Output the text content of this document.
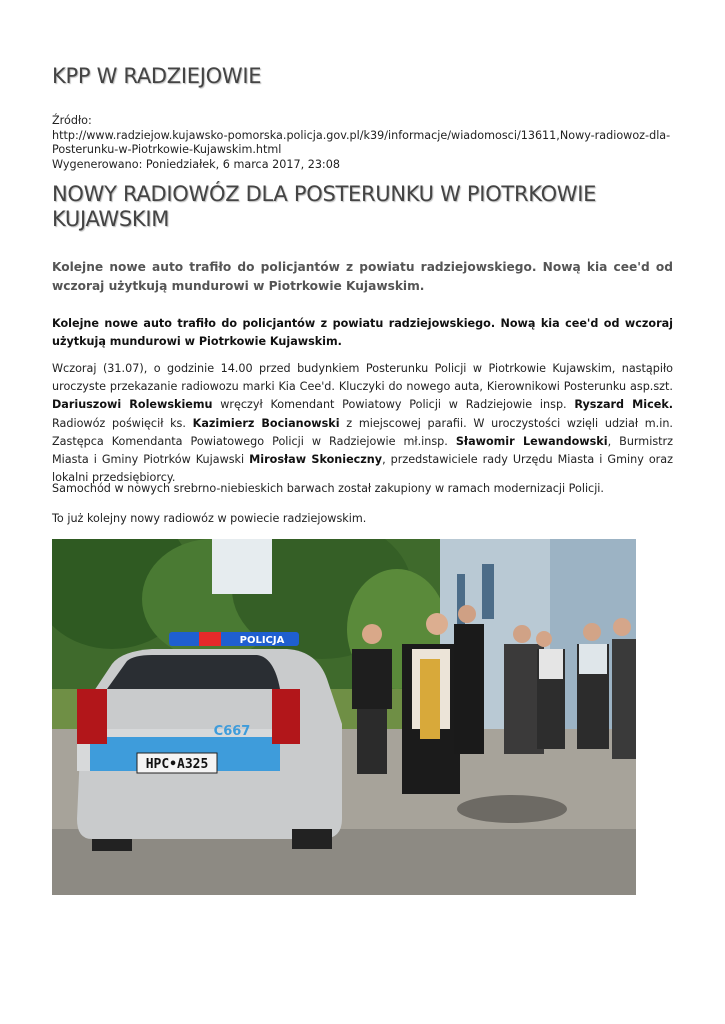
KPP W RADZIEJOWIE
Źródło:
http://www.radziejow.kujawsko-pomorska.policja.gov.pl/k39/informacje/wiadomosci/13611,Nowy-radiowoz-dla-Posterunku-w-Piotrkowie-Kujawskim.html
Wygenerowano: Poniedziałek, 6 marca 2017, 23:08
NOWY RADIOWÓZ DLA POSTERUNKU W PIOTRKOWIE KUJAWSKIM
Kolejne nowe auto trafiło do policjantów z powiatu radziejowskiego. Nową kia cee'd od wczoraj użytkują mundurowi w Piotrkowie Kujawskim.
Kolejne nowe auto trafiło do policjantów z powiatu radziejowskiego. Nową kia cee'd od wczoraj użytkują mundurowi w Piotrkowie Kujawskim.
Wczoraj (31.07), o godzinie 14.00 przed budynkiem Posterunku Policji w Piotrkowie Kujawskim, nastąpiło uroczyste przekazanie radiowozu marki Kia Cee'd. Kluczyki do nowego auta, Kierownikowi Posterunku asp.szt. Dariuszowi Rolewskiemu wręczył Komendant Powiatowy Policji w Radziejowie insp. Ryszard Micek. Radiowóz poświęcił ks. Kazimierz Bocianowski z miejscowej parafii. W uroczystości wzięli udział m.in. Zastępca Komendanta Powiatowego Policji w Radziejowie mł.insp. Sławomir Lewandowski, Burmistrz Miasta i Gminy Piotrków Kujawski Mirosław Skonieczny, przedstawiciele rady Urzędu Miasta i Gminy oraz lokalni przedsiębiorcy.
Samochód w nowych srebrno-niebieskich barwach został zakupiony w ramach modernizacji Policji.
To już kolejny nowy radiowóz w powiecie radziejowskim.
POLICJA
C667
HPC•A325
